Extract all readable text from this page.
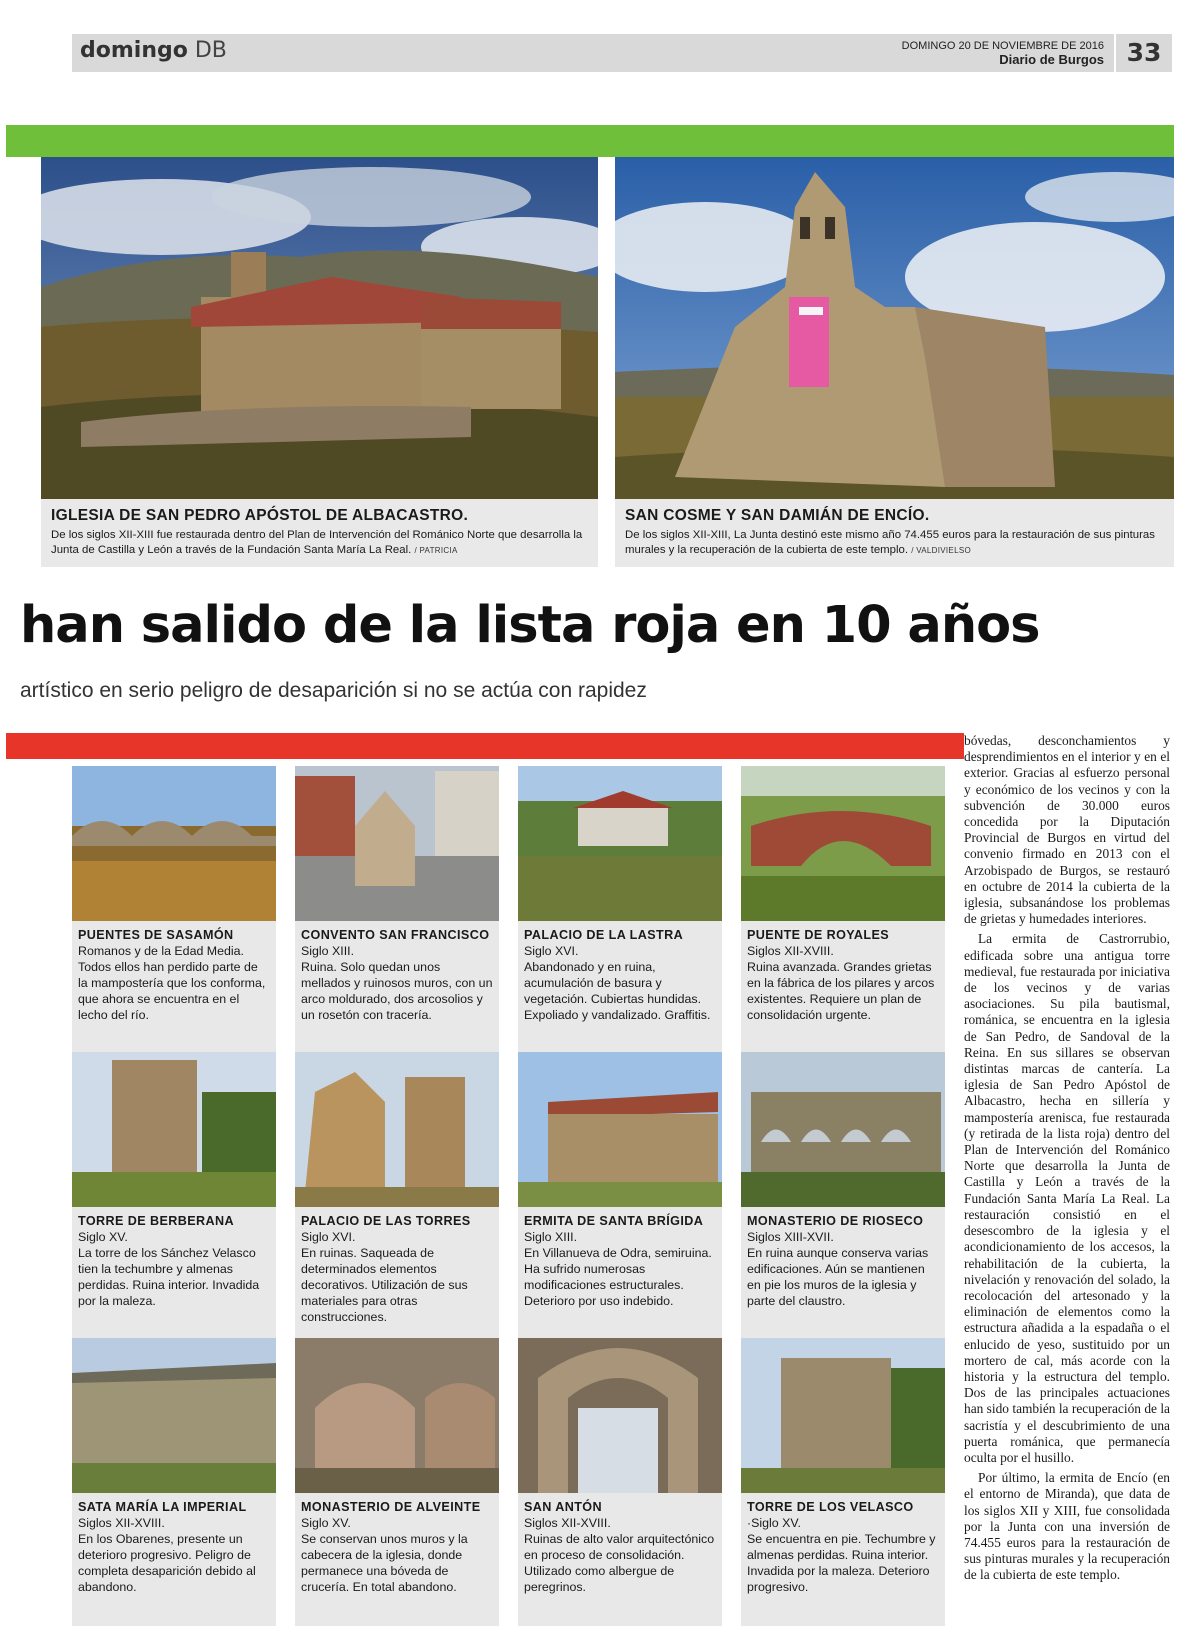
domingo DB	DOMINGO 20 DE NOVIEMBRE DE 2016
Diario de Burgos 33
IGLESIA DE SAN PEDRO APÓSTOL DE ALBACASTRO.
De los siglos XII-XIII fue restaurada dentro del Plan de Intervención del Románico Norte que desarrolla la Junta de Castilla y León a través de la Fundación Santa María La Real. / PATRICIA
SAN COSME Y SAN DAMIÁN DE ENCÍO.
De los siglos XII-XIII, La Junta destinó este mismo año 74.455 euros para la restauración de sus pinturas murales y la recuperación de la cubierta de este templo. / VALDIVIELSO
han salido de la lista roja en 10 años
artístico en serio peligro de desaparición si no se actúa con rapidez
PUENTES DE SASAMÓN
Romanos y de la Edad Media.
Todos ellos han perdido parte de la mampostería que los conforma, que ahora se encuentra en el lecho del río.
CONVENTO SAN FRANCISCO
Siglo XIII.
Ruina. Solo quedan unos mellados y ruinosos muros, con un arco moldurado, dos arcosolios y un rosetón con tracería.
PALACIO DE LA LASTRA
Siglo XVI.
Abandonado y en ruina, acumulación de basura y vegetación. Cubiertas hundidas. Expoliado y vandalizado. Graffitis.
PUENTE DE ROYALES
Siglos XII-XVIII.
Ruina avanzada. Grandes grietas en la fábrica de los pilares y arcos existentes. Requiere un plan de consolidación urgente.
TORRE DE BERBERANA
Siglo XV.
La torre de los Sánchez Velasco tien la techumbre y almenas perdidas. Ruina interior. Invadida por la maleza.
PALACIO DE LAS TORRES
Siglo XVI.
En ruinas. Saqueada de determinados elementos decorativos. Utilización de sus materiales para otras construcciones.
ERMITA DE SANTA BRÍGIDA
Siglo XIII.
En Villanueva de Odra, semiruina. Ha sufrido numerosas modificaciones estructurales. Deterioro por uso indebido.
MONASTERIO DE RIOSECO
Siglos XIII-XVII.
En ruina aunque conserva varias edificaciones. Aún se mantienen en pie los muros de la iglesia y parte del claustro.
SATA MARÍA LA IMPERIAL
Siglos XII-XVIII.
En los Obarenes, presente un deterioro progresivo. Peligro de completa desaparición debido al abandono.
MONASTERIO DE ALVEINTE
Siglo XV.
Se conservan unos muros y la cabecera de la iglesia, donde permanece una bóveda de crucería. En total abandono.
SAN ANTÓN
Siglos XII-XVIII.
Ruinas de alto valor arquitectónico en proceso de consolidación. Utilizado como albergue de peregrinos.
TORRE DE LOS VELASCO
·Siglo XV.
Se encuentra en pie. Techumbre y almenas perdidas. Ruina interior. Invadida por la maleza. Deterioro progresivo.

bóvedas, desconchamientos y desprendimientos en el interior y en el exterior. Gracias al esfuerzo personal y económico de los vecinos y con la subvención de 30.000 euros concedida por la Diputación Provincial de Burgos en virtud del convenio firmado en 2013 con el Arzobispado de Burgos, se restauró en octubre de 2014 la cubierta de la iglesia, subsanándose los problemas de grietas y humedades interiores.

La ermita de Castrorrubio, edificada sobre una antigua torre medieval, fue restaurada por iniciativa de los vecinos y de varias asociaciones. Su pila bautismal, románica, se encuentra en la iglesia de San Pedro, de Sandoval de la Reina. En sus sillares se observan distintas marcas de cantería. La iglesia de San Pedro Apóstol de Albacastro, hecha en sillería y mampostería arenisca, fue restaurada (y retirada de la lista roja) dentro del Plan de Intervención del Románico Norte que desarrolla la Junta de Castilla y León a través de la Fundación Santa María La Real. La restauración consistió en el desescombro de la iglesia y el acondicionamiento de los accesos, la rehabilitación de la cubierta, la nivelación y renovación del solado, la recolocación del artesonado y la eliminación de elementos como la estructura añadida a la espadaña o el enlucido de yeso, sustituido por un mortero de cal, más acorde con la historia y la estructura del templo. Dos de las principales actuaciones han sido también la recuperación de la sacristía y el descubrimiento de una puerta románica, que permanecía oculta por el husillo.

Por último, la ermita de Encío (en el entorno de Miranda), que data de los siglos XII y XIII, fue consolidada por la Junta con una inversión de 74.455 euros para la restauración de sus pinturas murales y la recuperación de la cubierta de este templo.
